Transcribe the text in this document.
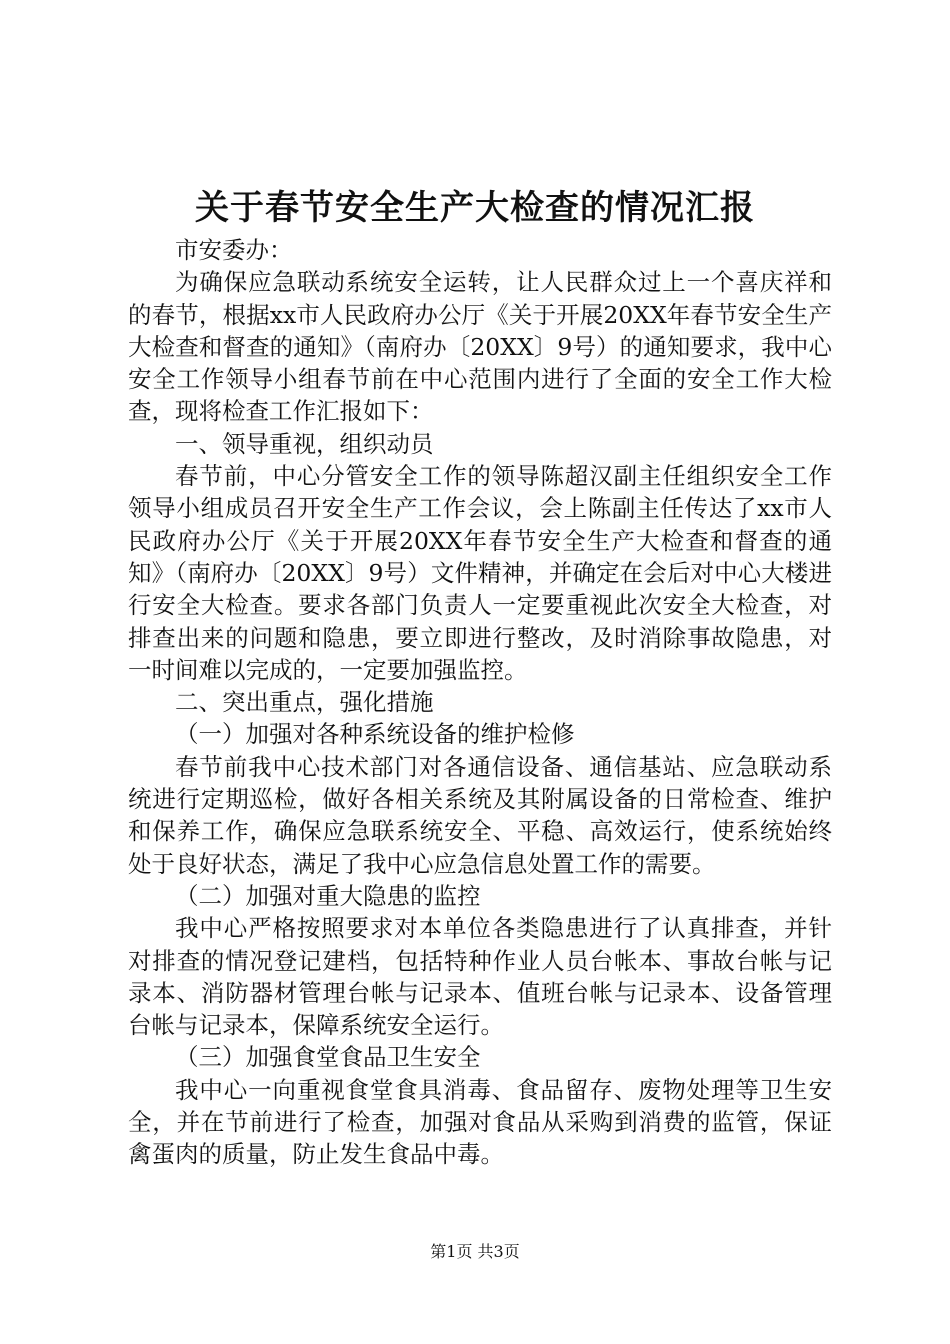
关于春节安全生产大检查的情况汇报

市安委办：

为确保应急联动系统安全运转，让人民群众过上一个喜庆祥和的春节，根据xx市人民政府办公厅《关于开展20XX年春节安全生产大检查和督查的通知》（南府办〔20XX〕9号）的通知要求，我中心安全工作领导小组春节前在中心范围内进行了全面的安全工作大检查，现将检查工作汇报如下：

一、领导重视，组织动员

春节前，中心分管安全工作的领导陈超汉副主任组织安全工作领导小组成员召开安全生产工作会议，会上陈副主任传达了xx市人民政府办公厅《关于开展20XX年春节安全生产大检查和督查的通知》（南府办〔20XX〕9号）文件精神，并确定在会后对中心大楼进行安全大检查。要求各部门负责人一定要重视此次安全大检查，对排查出来的问题和隐患，要立即进行整改，及时消除事故隐患，对一时间难以完成的，一定要加强监控。

二、突出重点，强化措施

（一）加强对各种系统设备的维护检修

春节前我中心技术部门对各通信设备、通信基站、应急联动系统进行定期巡检，做好各相关系统及其附属设备的日常检查、维护和保养工作，确保应急联系统安全、平稳、高效运行，使系统始终处于良好状态，满足了我中心应急信息处置工作的需要。

（二）加强对重大隐患的监控

我中心严格按照要求对本单位各类隐患进行了认真排查，并针对排查的情况登记建档，包括特种作业人员台帐本、事故台帐与记录本、消防器材管理台帐与记录本、值班台帐与记录本、设备管理台帐与记录本，保障系统安全运行。

（三）加强食堂食品卫生安全

我中心一向重视食堂食具消毒、食品留存、废物处理等卫生安全，并在节前进行了检查，加强对食品从采购到消费的监管，保证禽蛋肉的质量，防止发生食品中毒。

第1页 共3页
